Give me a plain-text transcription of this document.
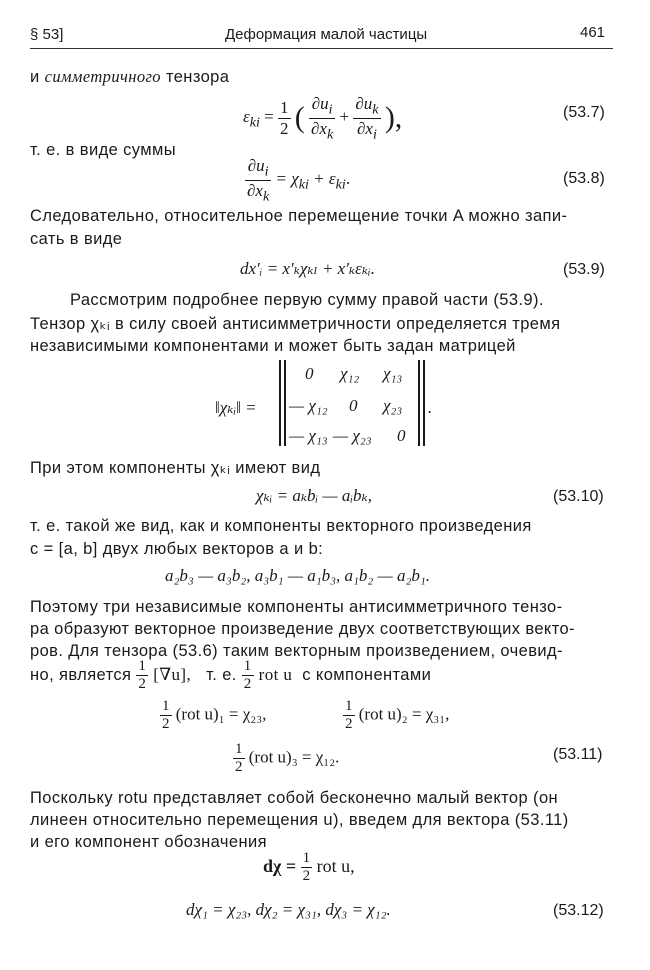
§ 53]	Деформация малой частицы	461
и симметричного тензора
$\varepsilon_{ki} = \frac{1}{2}$ ( $\frac{\partial u_i}{\partial x_k} + \frac{\partial u_k}{\partial x_i}$ ),	(53.7)
т. е. в виде суммы
$\frac{\partial u_i}{\partial x_k} = \chi_{ki} + \varepsilon_{ki}$.	(53.8)
Следовательно, относительное перемещение точки A можно запи-
сать в виде
dx′ᵢ = x′ₖχₖₗ + x′ₖεₖᵢ.	(53.9)
Рассмотрим подробнее первую сумму правой части (53.9).
Тензор χₖᵢ в силу своей антисимметричности определяется тремя
независимыми компонентами и может быть задан матрицей
‖χₖᵢ‖ =
0 χ₁₂ χ₁₃
— χ₁₂ 0 χ₂₃
— χ₁₃ — χ₂₃ 0
.
При этом компоненты χₖᵢ имеют вид
χₖᵢ = aₖbᵢ — aᵢbₖ,	(53.10)
т. е. такой же вид, как и компоненты векторного произведения
c = [a, b] двух любых векторов a и b:
a₂b₃ — a₃b₂, a₃b₁ — a₁b₃, a₁b₂ — a₂b₁.
Поэтому три независимые компоненты антисимметричного тензо-
ра образуют векторное произведение двух соответствующих векто-
ров. Для тензора (53.6) таким векторным произведением, очевид-
но, является $\frac{1}{2} [\nabla u]$, т. е. $\frac{1}{2}$ rot u с компонентами
$\frac{1}{2} (rot$ u)₁ = χ₂₃,	$\frac{1}{2} (rot$ u)₂ = χ₃₁,
$\frac{1}{2} (rot$ u)₃ = χ₁₂.	(53.11)
Поскольку rotu представляет собой бесконечно малый вектор (он
линеен относительно перемещения u), введем для вектора (53.11)
и его компонент обозначения
$d\chi = \frac{1}{2}$ rot u,
dχ₁ = χ₂₃, dχ₂ = χ₃₁, dχ₃ = χ₁₂.	(53.12)
